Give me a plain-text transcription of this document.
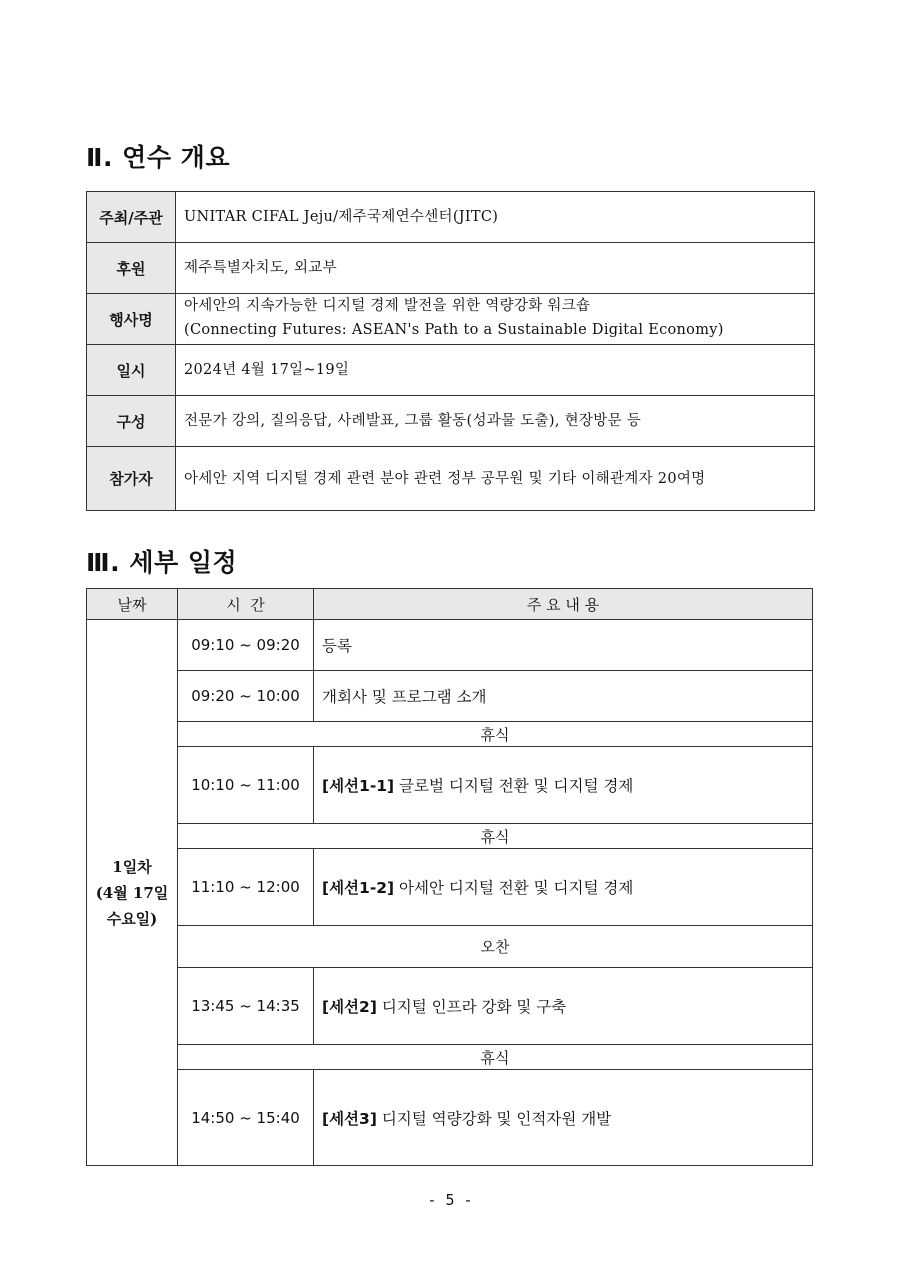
Ⅱ. 연수 개요
주최/주관	UNITAR CIFAL Jeju/제주국제연수센터(JITC)
후원	제주특별자치도, 외교부
행사명	아세안의 지속가능한 디지털 경제 발전을 위한 역량강화 워크숍
(Connecting Futures: ASEAN's Path to a Sustainable Digital Economy)

일시	2024년 4월 17일~19일
구성	전문가 강의, 질의응답, 사례발표, 그룹 활동(성과물 도출), 현장방문 등
참가자	아세안 지역 디지털 경제 관련 분야 관련 정부 공무원 및 기타 이해관계자 20여명
Ⅲ. 세부 일정
날짜	시  간	주 요 내 용

1일차
(4월 17일
수요일)	09:10 ~ 09:20	등록
	09:20 ~ 10:00	개회사 및 프로그램 소개
	휴식	
	10:10 ~ 11:00	[세션1-1] 글로벌 디지털 전환 및 디지털 경제
	휴식	
	11:10 ~ 12:00	[세션1-2] 아세안 디지털 전환 및 디지털 경제
	오찬	
	13:45 ~ 14:35	[세션2] 디지털 인프라 강화 및 구축
	휴식	
	14:50 ~ 15:40	[세션3] 디지털 역량강화 및 인적자원 개발
- 5 -
